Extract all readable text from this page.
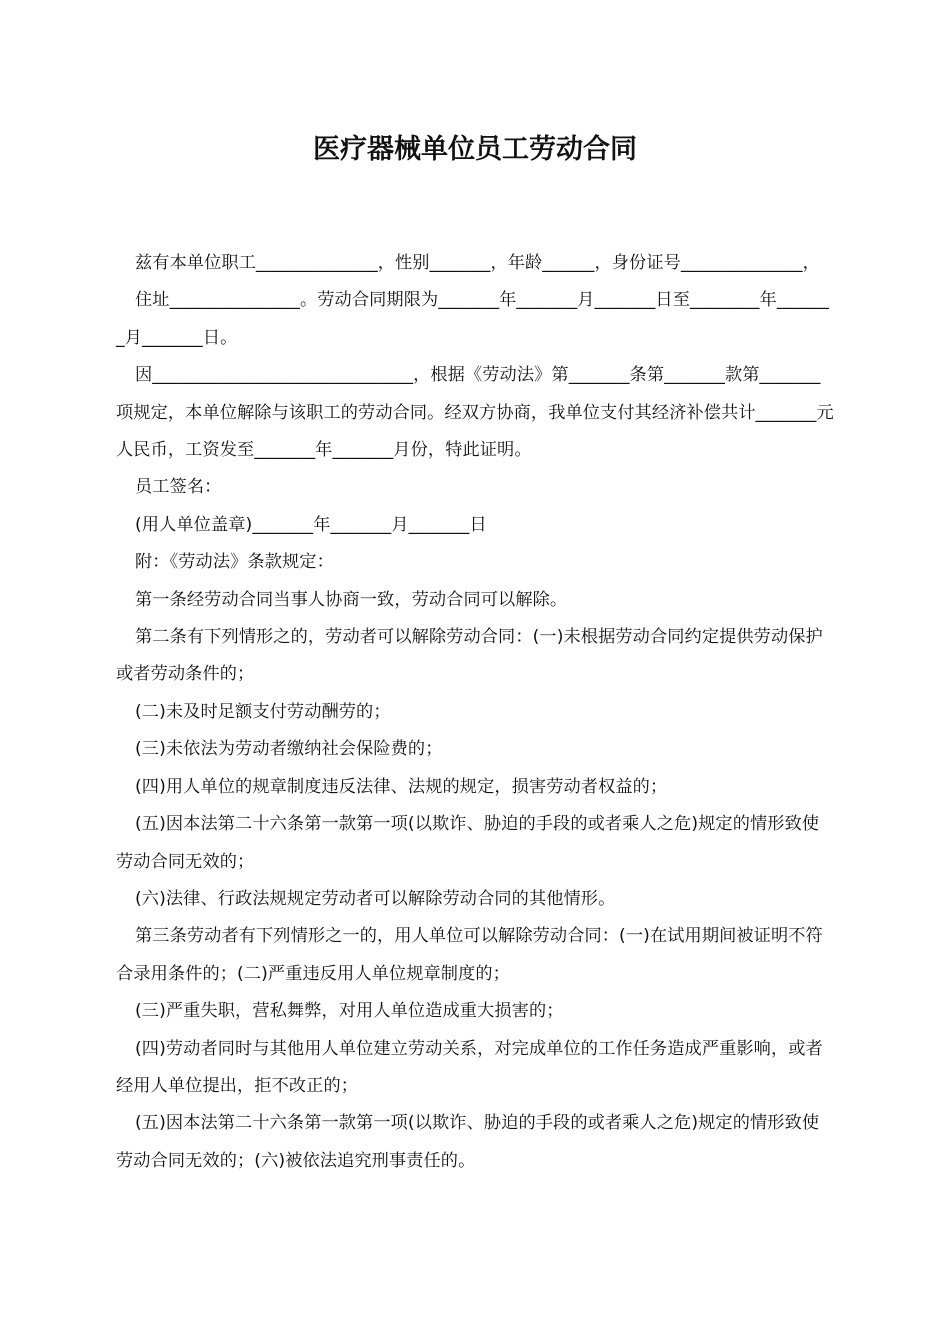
医疗器械单位员工劳动合同

兹有本单位职工______________，性别_______，年龄______，身份证号______________，

住址_______________。劳动合同期限为_______年_______月_______日至________年_______月_______日。

因______________________________，根据《劳动法》第_______条第_______款第_______项规定，本单位解除与该职工的劳动合同。经双方协商，我单位支付其经济补偿共计_______元人民币，工资发至_______年_______月份，特此证明。

员工签名：

(用人单位盖章)_______年_______月_______日

附：《劳动法》条款规定：

第一条经劳动合同当事人协商一致，劳动合同可以解除。

第二条有下列情形之的，劳动者可以解除劳动合同：(一)未根据劳动合同约定提供劳动保护或者劳动条件的；

(二)未及时足额支付劳动酬劳的；

(三)未依法为劳动者缴纳社会保险费的；

(四)用人单位的规章制度违反法律、法规的规定，损害劳动者权益的；

(五)因本法第二十六条第一款第一项(以欺诈、胁迫的手段的或者乘人之危)规定的情形致使劳动合同无效的；

(六)法律、行政法规规定劳动者可以解除劳动合同的其他情形。

第三条劳动者有下列情形之一的，用人单位可以解除劳动合同：(一)在试用期间被证明不符合录用条件的；(二)严重违反用人单位规章制度的；

(三)严重失职，营私舞弊，对用人单位造成重大损害的；

(四)劳动者同时与其他用人单位建立劳动关系，对完成单位的工作任务造成严重影响，或者经用人单位提出，拒不改正的；

(五)因本法第二十六条第一款第一项(以欺诈、胁迫的手段的或者乘人之危)规定的情形致使劳动合同无效的；(六)被依法追究刑事责任的。
